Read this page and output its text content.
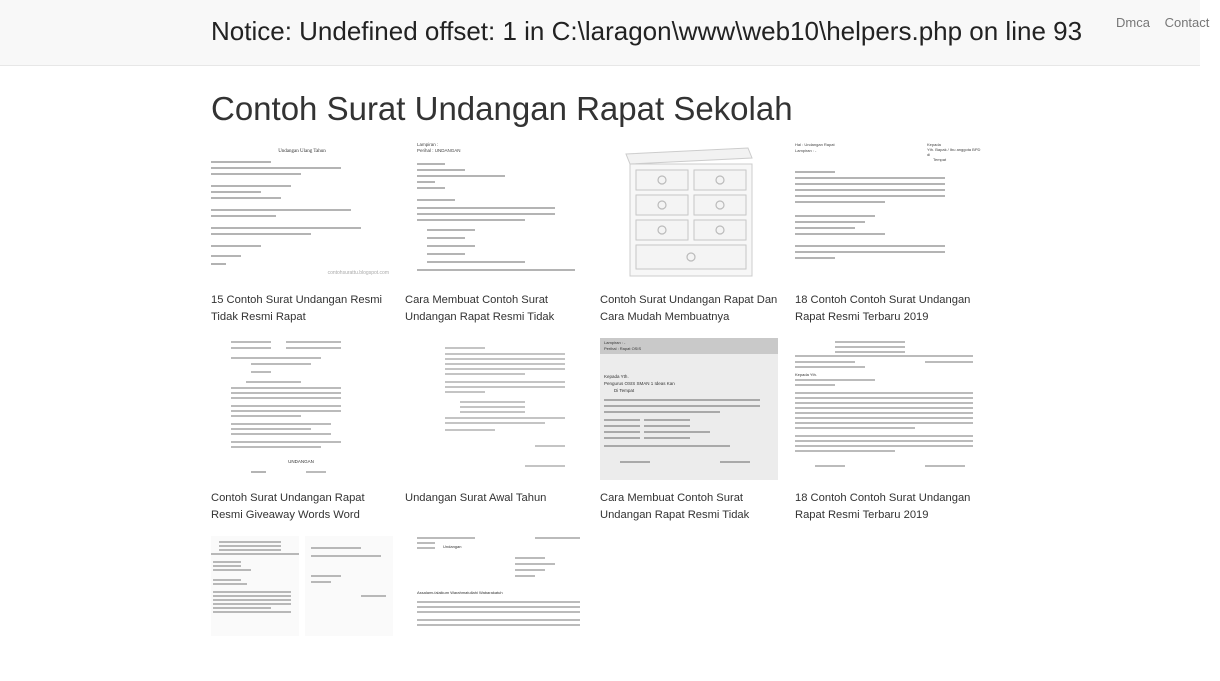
Notice: Undefined offset: 1 in C:\laragon\www\web10\helpers.php on line 93	Dmca Contact
Contoh Surat Undangan Rapat Sekolah
Undangan Ulang Tahun
contohsurattu.blogspot.com
15 Contoh Surat Undangan Resmi Tidak Resmi Rapat
Lampiran :
Perihal : UNDANGAN
Cara Membuat Contoh Surat Undangan Rapat Resmi Tidak
Contoh Surat Undangan Rapat Dan Cara Mudah Membuatnya
Hal : Undangan Rapat
Lampiran : -
Kepada
Yth. Bapak / Ibu anggota BPD
di
Tempat
18 Contoh Contoh Surat Undangan Rapat Resmi Terbaru 2019
UNDANGAN
Contoh Surat Undangan Rapat Resmi Giveaway Words Word
Undangan Surat Awal Tahun
Lampiran : -
Perihal : Rapat OSIS
Kepada Yth.
Pengurus OSIS SMAN 1 Ideas Kan
Di Tempat
Cara Membuat Contoh Surat Undangan Rapat Resmi Tidak
Kepada Yth.
18 Contoh Contoh Surat Undangan Rapat Resmi Terbaru 2019
Undangan
Assalamu'alaikum Warahmatullahi Wabarakatuh
